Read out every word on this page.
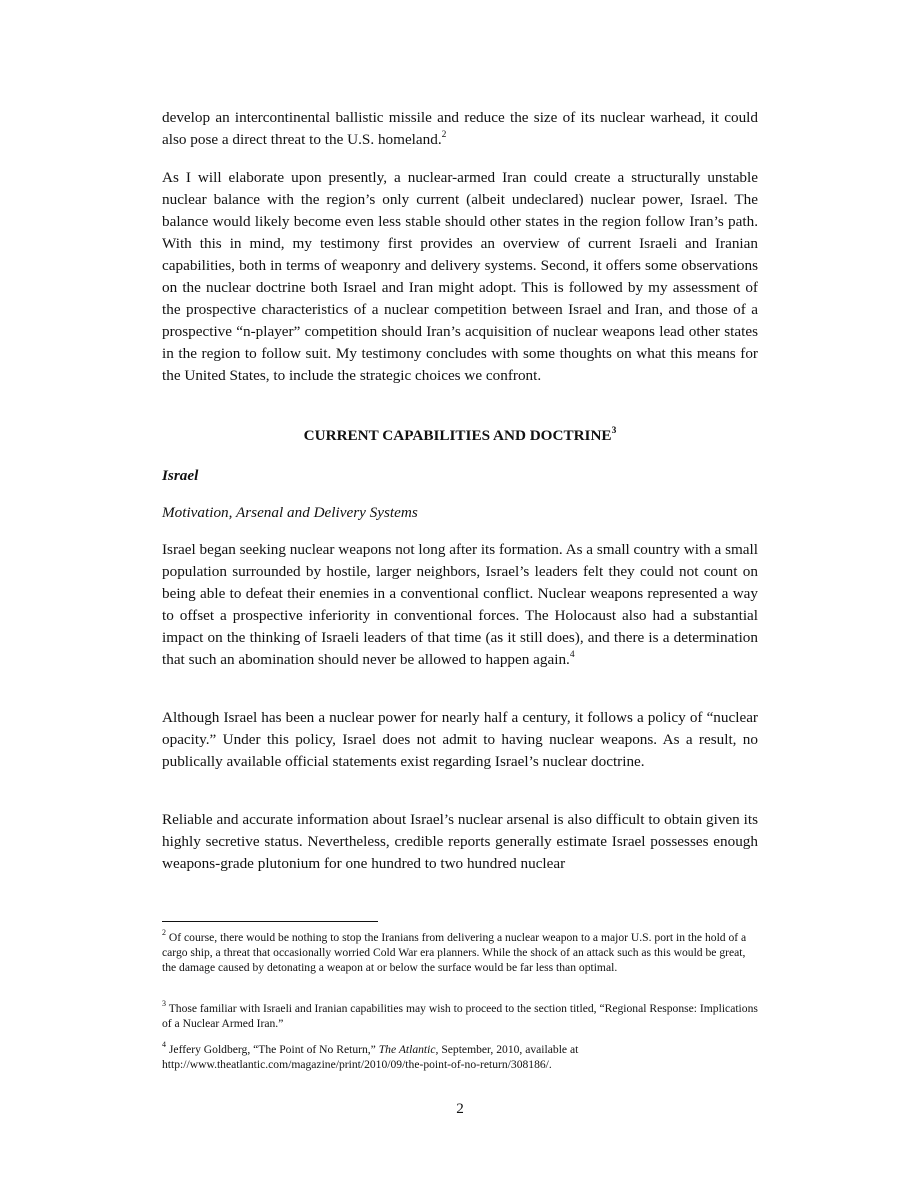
develop an intercontinental ballistic missile and reduce the size of its nuclear warhead, it could also pose a direct threat to the U.S. homeland.$^2$

As I will elaborate upon presently, a nuclear-armed Iran could create a structurally unstable nuclear balance with the region’s only current (albeit undeclared) nuclear power, Israel. The balance would likely become even less stable should other states in the region follow Iran’s path. With this in mind, my testimony first provides an overview of current Israeli and Iranian capabilities, both in terms of weaponry and delivery systems. Second, it offers some observations on the nuclear doctrine both Israel and Iran might adopt. This is followed by my assessment of the prospective characteristics of a nuclear competition between Israel and Iran, and those of a prospective “n-player” competition should Iran’s acquisition of nuclear weapons lead other states in the region to follow suit. My testimony concludes with some thoughts on what this means for the United States, to include the strategic choices we confront.

CURRENT CAPABILITIES AND DOCTRINE$^3$
Israel
Motivation, Arsenal and Delivery Systems

Israel began seeking nuclear weapons not long after its formation. As a small country with a small population surrounded by hostile, larger neighbors, Israel’s leaders felt they could not count on being able to defeat their enemies in a conventional conflict. Nuclear weapons represented a way to offset a prospective inferiority in conventional forces. The Holocaust also had a substantial impact on the thinking of Israeli leaders of that time (as it still does), and there is a determination that such an abomination should never be allowed to happen again.$^4$

Although Israel has been a nuclear power for nearly half a century, it follows a policy of “nuclear opacity.” Under this policy, Israel does not admit to having nuclear weapons. As a result, no publically available official statements exist regarding Israel’s nuclear doctrine.

Reliable and accurate information about Israel’s nuclear arsenal is also difficult to obtain given its highly secretive status. Nevertheless, credible reports generally estimate Israel possesses enough weapons-grade plutonium for one hundred to two hundred nuclear

$^2$ Of course, there would be nothing to stop the Iranians from delivering a nuclear weapon to a major U.S. port in the hold of a cargo ship, a threat that occasionally worried Cold War era planners. While the shock of an attack such as this would be great, the damage caused by detonating a weapon at or below the surface would be far less than optimal.
$^3$ Those familiar with Israeli and Iranian capabilities may wish to proceed to the section titled, “Regional Response: Implications of a Nuclear Armed Iran.”
$^4$ Jeffery Goldberg, “The Point of No Return,” The Atlantic, September, 2010, available at http://www.theatlantic.com/magazine/print/2010/09/the-point-of-no-return/308186/.
2
